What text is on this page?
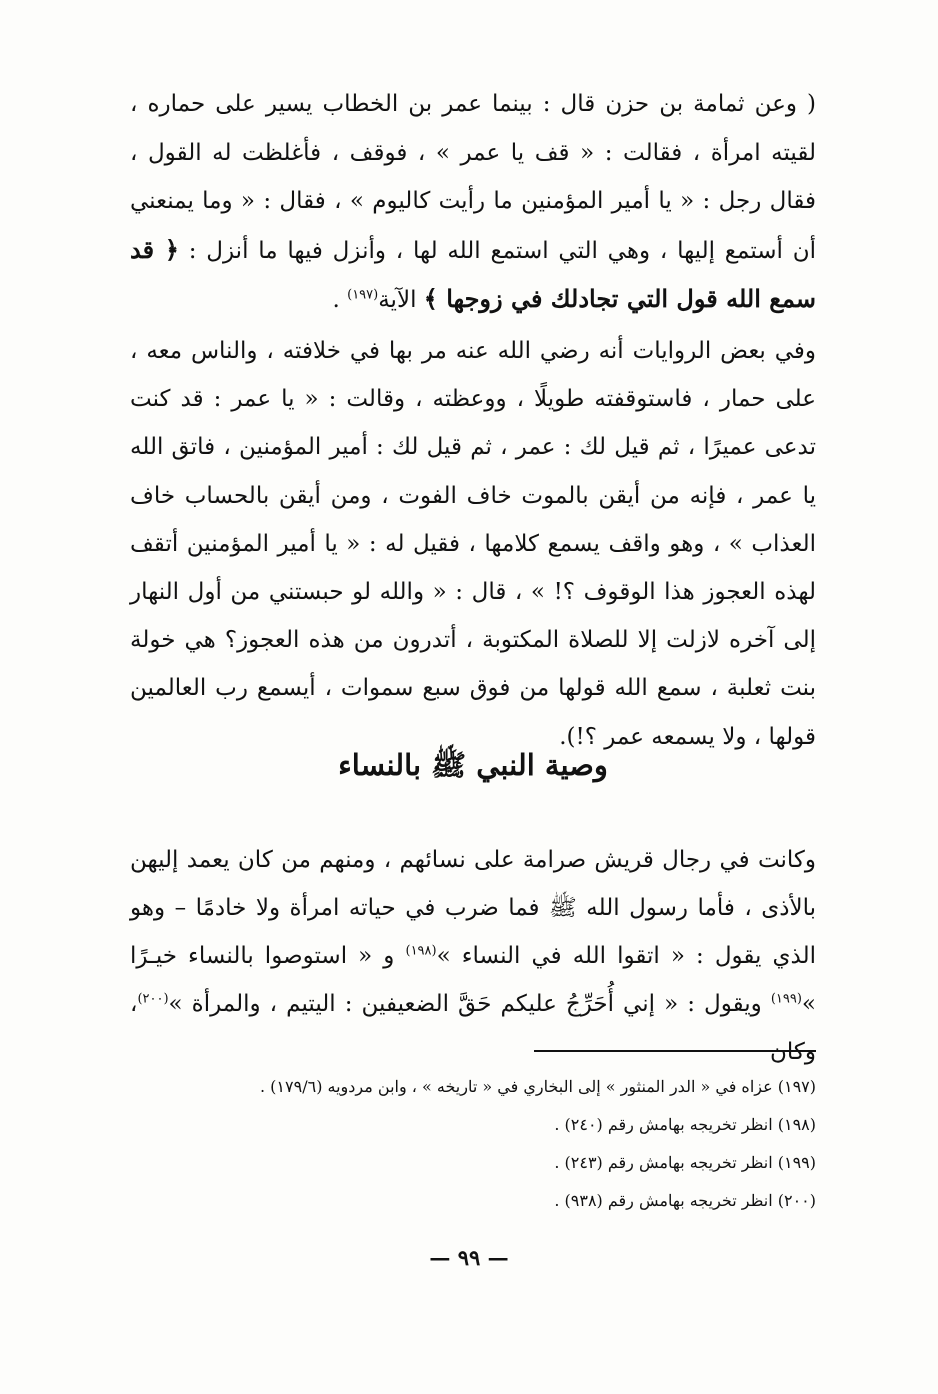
( وعن ثمامة بن حزن قال : بينما عمر بن الخطاب يسير على حماره ، لقيته امرأة ، فقالت : « قف يا عمر » ، فوقف ، فأغلظت له القول ، فقال رجل : « يا أمير المؤمنين ما رأيت كاليوم » ، فقال : « وما يمنعني أن أستمع إليها ، وهي التي استمع الله لها ، وأنزل فيها ما أنزل : ﴿ قد سمع الله قول التي تجادلك في زوجها ﴾ الآية$^{(١٩٧)}$ .

وفي بعض الروايات أنه رضي الله عنه مر بها في خلافته ، والناس معه ، على حمار ، فاستوقفته طويلًا ، ووعظته ، وقالت : « يا عمر : قد كنت تدعى عميرًا ، ثم قيل لك : عمر ، ثم قيل لك : أمير المؤمنين ، فاتق الله يا عمر ، فإنه من أيقن بالموت خاف الفوت ، ومن أيقن بالحساب خاف العذاب » ، وهو واقف يسمع كلامها ، فقيل له : « يا أمير المؤمنين أتقف لهذه العجوز هذا الوقوف ؟! » ، قال : « والله لو حبستني من أول النهار إلى آخره لازلت إلا للصلاة المكتوبة ، أتدرون من هذه العجوز؟ هي خولة بنت ثعلبة ، سمع الله قولها من فوق سبع سموات ، أيسمع رب العالمين قولها ، ولا يسمعه عمر ؟!).

وصية النبي ﷺ بالنساء

وكانت في رجال قريش صرامة على نسائهم ، ومنهم من كان يعمد إليهن بالأذى ، فأما رسول الله ﷺ فما ضرب في حياته امرأة ولا خادمًا – وهو الذي يقول : « اتقوا الله في النساء »$^{(١٩٨)}$ و « استوصوا بالنساء خيـرًا »$^{(١٩٩)}$ ويقول : « إني أُحَرِّجُ عليكم حَقَّ الضعيفين : اليتيم ، والمرأة »$^{(٢٠٠)}$، وكان

(١٩٧) عزاه في « الدر المنثور » إلى البخاري في « تاريخه » ، وابن مردويه (١٧٩/٦) .
(١٩٨) انظر تخريجه بهامش رقم (٢٤٠) .
(١٩٩) انظر تخريجه بهامش رقم (٢٤٣) .
(٢٠٠) انظر تخريجه بهامش رقم (٩٣٨) .
— ٩٩ —
